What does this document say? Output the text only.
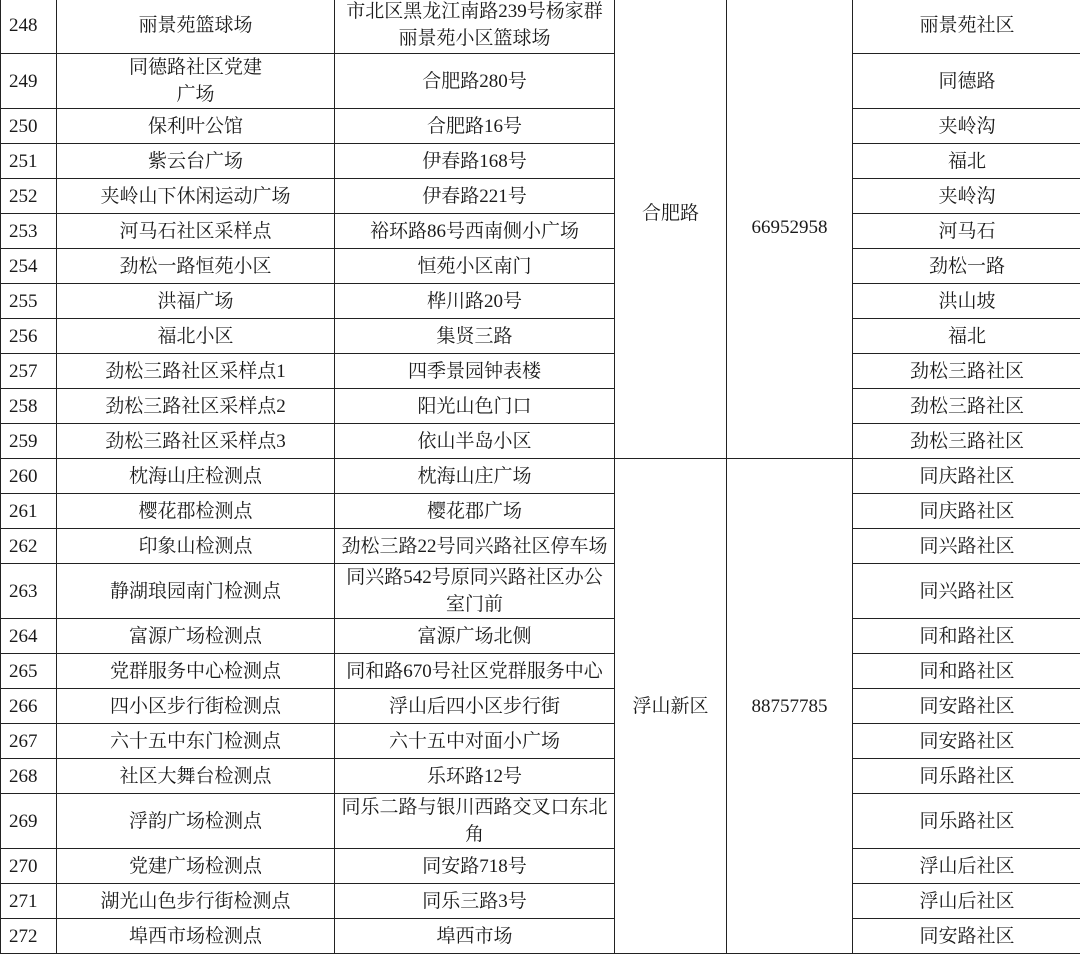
248	丽景苑篮球场	市北区黑龙江南路239号杨家群丽景苑小区篮球场	合肥路	66952958	丽景苑社区
249	同德路社区党建广场	合肥路280号			同德路
250	保利叶公馆	合肥路16号			夹岭沟
251	紫云台广场	伊春路168号			福北
252	夹岭山下休闲运动广场	伊春路221号			夹岭沟
253	河马石社区采样点	裕环路86号西南侧小广场			河马石
254	劲松一路恒苑小区	恒苑小区南门			劲松一路
255	洪福广场	桦川路20号			洪山坡
256	福北小区	集贤三路			福北
257	劲松三路社区采样点1	四季景园钟表楼			劲松三路社区
258	劲松三路社区采样点2	阳光山色门口			劲松三路社区
259	劲松三路社区采样点3	依山半岛小区			劲松三路社区
260	枕海山庄检测点	枕海山庄广场	浮山新区	88757785	同庆路社区
261	樱花郡检测点	樱花郡广场			同庆路社区
262	印象山检测点	劲松三路22号同兴路社区停车场			同兴路社区
263	静湖琅园南门检测点	同兴路542号原同兴路社区办公室门前			同兴路社区
264	富源广场检测点	富源广场北侧			同和路社区
265	党群服务中心检测点	同和路670号社区党群服务中心			同和路社区
266	四小区步行街检测点	浮山后四小区步行街			同安路社区
267	六十五中东门检测点	六十五中对面小广场			同安路社区
268	社区大舞台检测点	乐环路12号			同乐路社区
269	浮韵广场检测点	同乐二路与银川西路交叉口东北角			同乐路社区
270	党建广场检测点	同安路718号			浮山后社区
271	湖光山色步行街检测点	同乐三路3号			浮山后社区
272	埠西市场检测点	埠西市场			同安路社区
